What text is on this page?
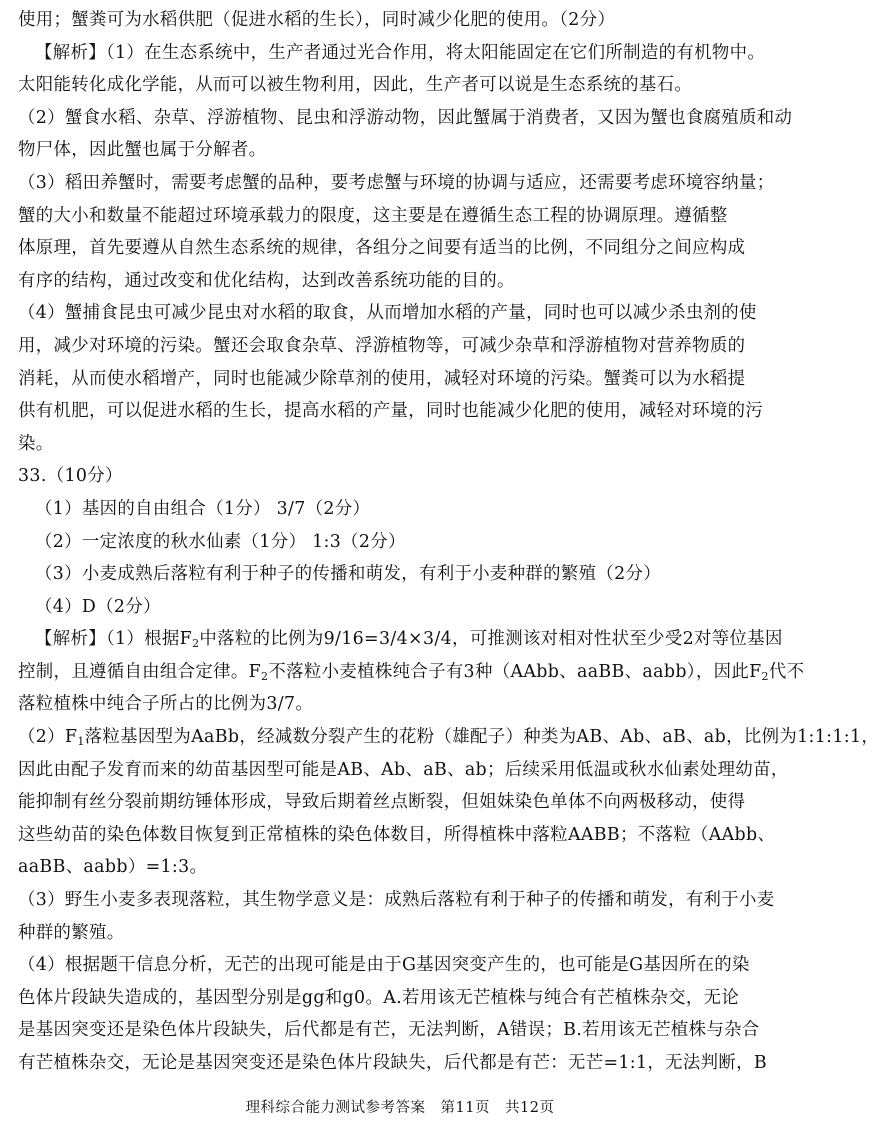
使用；蟹粪可为水稻供肥（促进水稻的生长），同时减少化肥的使用。（2分）
【解析】（1）在生态系统中，生产者通过光合作用，将太阳能固定在它们所制造的有机物中。
太阳能转化成化学能，从而可以被生物利用，因此，生产者可以说是生态系统的基石。
（2）蟹食水稻、杂草、浮游植物、昆虫和浮游动物，因此蟹属于消费者，又因为蟹也食腐殖质和动
物尸体，因此蟹也属于分解者。
（3）稻田养蟹时，需要考虑蟹的品种，要考虑蟹与环境的协调与适应，还需要考虑环境容纳量；
蟹的大小和数量不能超过环境承载力的限度，这主要是在遵循生态工程的协调原理。遵循整
体原理，首先要遵从自然生态系统的规律，各组分之间要有适当的比例，不同组分之间应构成
有序的结构，通过改变和优化结构，达到改善系统功能的目的。
（4）蟹捕食昆虫可减少昆虫对水稻的取食，从而增加水稻的产量，同时也可以减少杀虫剂的使
用，减少对环境的污染。蟹还会取食杂草、浮游植物等，可减少杂草和浮游植物对营养物质的
消耗，从而使水稻增产，同时也能减少除草剂的使用，减轻对环境的污染。蟹粪可以为水稻提
供有机肥，可以促进水稻的生长，提高水稻的产量，同时也能减少化肥的使用，减轻对环境的污
染。
33.（10分）
（1）基因的自由组合（1分） 3/7（2分）
（2）一定浓度的秋水仙素（1分） 1:3（2分）
（3）小麦成熟后落粒有利于种子的传播和萌发，有利于小麦种群的繁殖（2分）
（4）D（2分）
【解析】（1）根据$F_2$中落粒的比例为9/16=3/4×3/4，可推测该对相对性状至少受2对等位基因
控制，且遵循自由组合定律。$F_2$不落粒小麦植株纯合子有3种（AAbb、aaBB、aabb），因此$F_2$代不
落粒植株中纯合子所占的比例为3/7。
$(2)F_1$落粒基因型为AaBb，经减数分裂产生的花粉（雄配子）种类为AB、Ab、aB、ab，比例为1:1:1:1，
因此由配子发育而来的幼苗基因型可能是AB、Ab、aB、ab；后续采用低温或秋水仙素处理幼苗，
能抑制有丝分裂前期纺锤体形成，导致后期着丝点断裂，但姐妹染色单体不向两极移动，使得
这些幼苗的染色体数目恢复到正常植株的染色体数目，所得植株中落粒AABB；不落粒（AAbb、
aaBB、aabb）=1:3。
（3）野生小麦多表现落粒，其生物学意义是：成熟后落粒有利于种子的传播和萌发，有利于小麦
种群的繁殖。
（4）根据题干信息分析，无芒的出现可能是由于G基因突变产生的，也可能是G基因所在的染
色体片段缺失造成的，基因型分别是gg和g0。A.若用该无芒植株与纯合有芒植株杂交，无论
是基因突变还是染色体片段缺失，后代都是有芒，无法判断，A错误；B.若用该无芒植株与杂合
有芒植株杂交，无论是基因突变还是染色体片段缺失，后代都是有芒：无芒=1:1，无法判断，B
理科综合能力测试参考答案　第11页　共12页
